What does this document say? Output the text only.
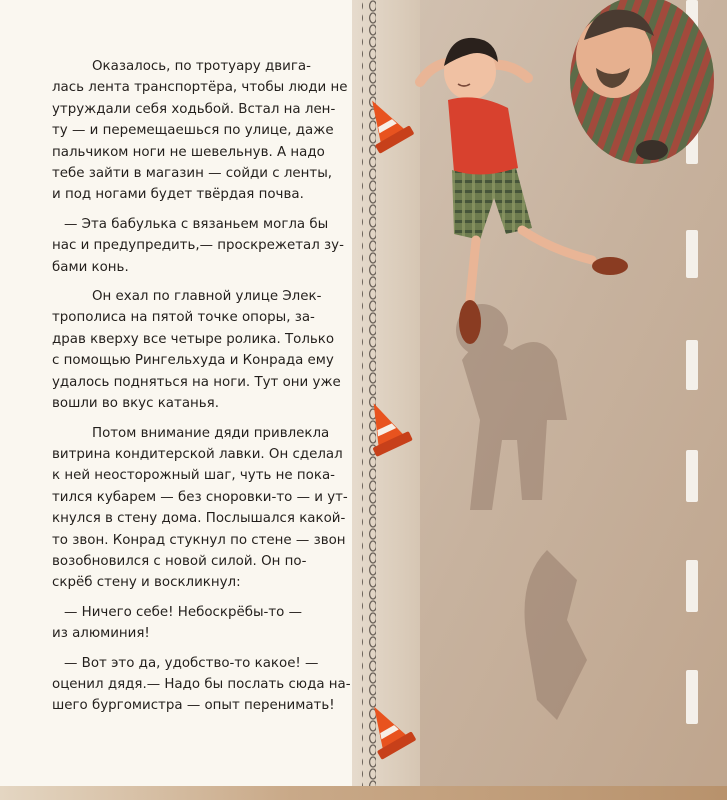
Оказалось, по тротуару двига-

лась лента транспортёра, чтобы люди не

утруждали себя ходьбой. Встал на лен-

ту — и перемещаешься по улице, даже

пальчиком ноги не шевельнув. А надо

тебе зайти в магазин — сойди с ленты,

и под ногами будет твёрдая почва.

— Эта бабулька с вязаньем могла бы

нас и предупредить,— проскрежетал зу-

бами конь.

Он ехал по главной улице Элек-

трополиса на пятой точке опоры, за-

драв кверху все четыре ролика. Только

с помощью Рингельхуда и Конрада ему

удалось подняться на ноги. Тут они уже

вошли во вкус катанья.

Потом внимание дяди привлекла

витрина кондитерской лавки. Он сделал

к ней неосторожный шаг, чуть не пока-

тился кубарем — без сноровки-то — и ут-

кнулся в стену дома. Послышался какой-

то звон. Конрад стукнул по стене — звон

возобновился с новой силой. Он по-

скрёб стену и воскликнул:

— Ничего себе! Небоскрёбы-то —

из алюминия!

— Вот это да, удобство-то какое! —

оценил дядя.— Надо бы послать сюда на-

шего бургомистра — опыт перенимать!
